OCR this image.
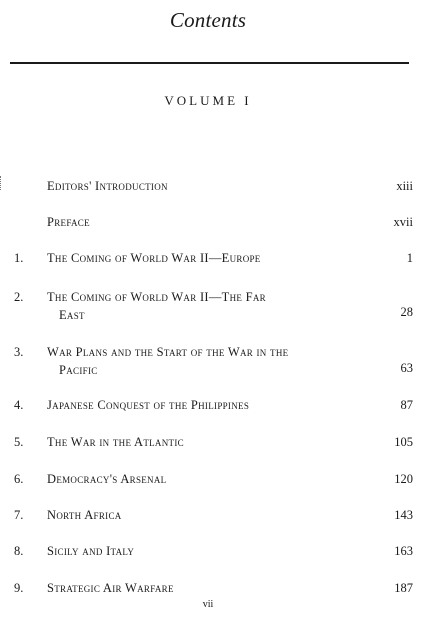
Contents
VOLUME I
Editors' Introduction	xiii
Preface	xvii
1.	The Coming of World War II—Europe	1
2.	The Coming of World War II—The Far
East	28
3.	War Plans and the Start of the War in the
Pacific	63
4.	Japanese Conquest of the Philippines	87
5.	The War in the Atlantic	105
6.	Democracy's Arsenal	120
7.	North Africa	143
8.	Sicily and Italy	163
9.	Strategic Air Warfare	187
vii
